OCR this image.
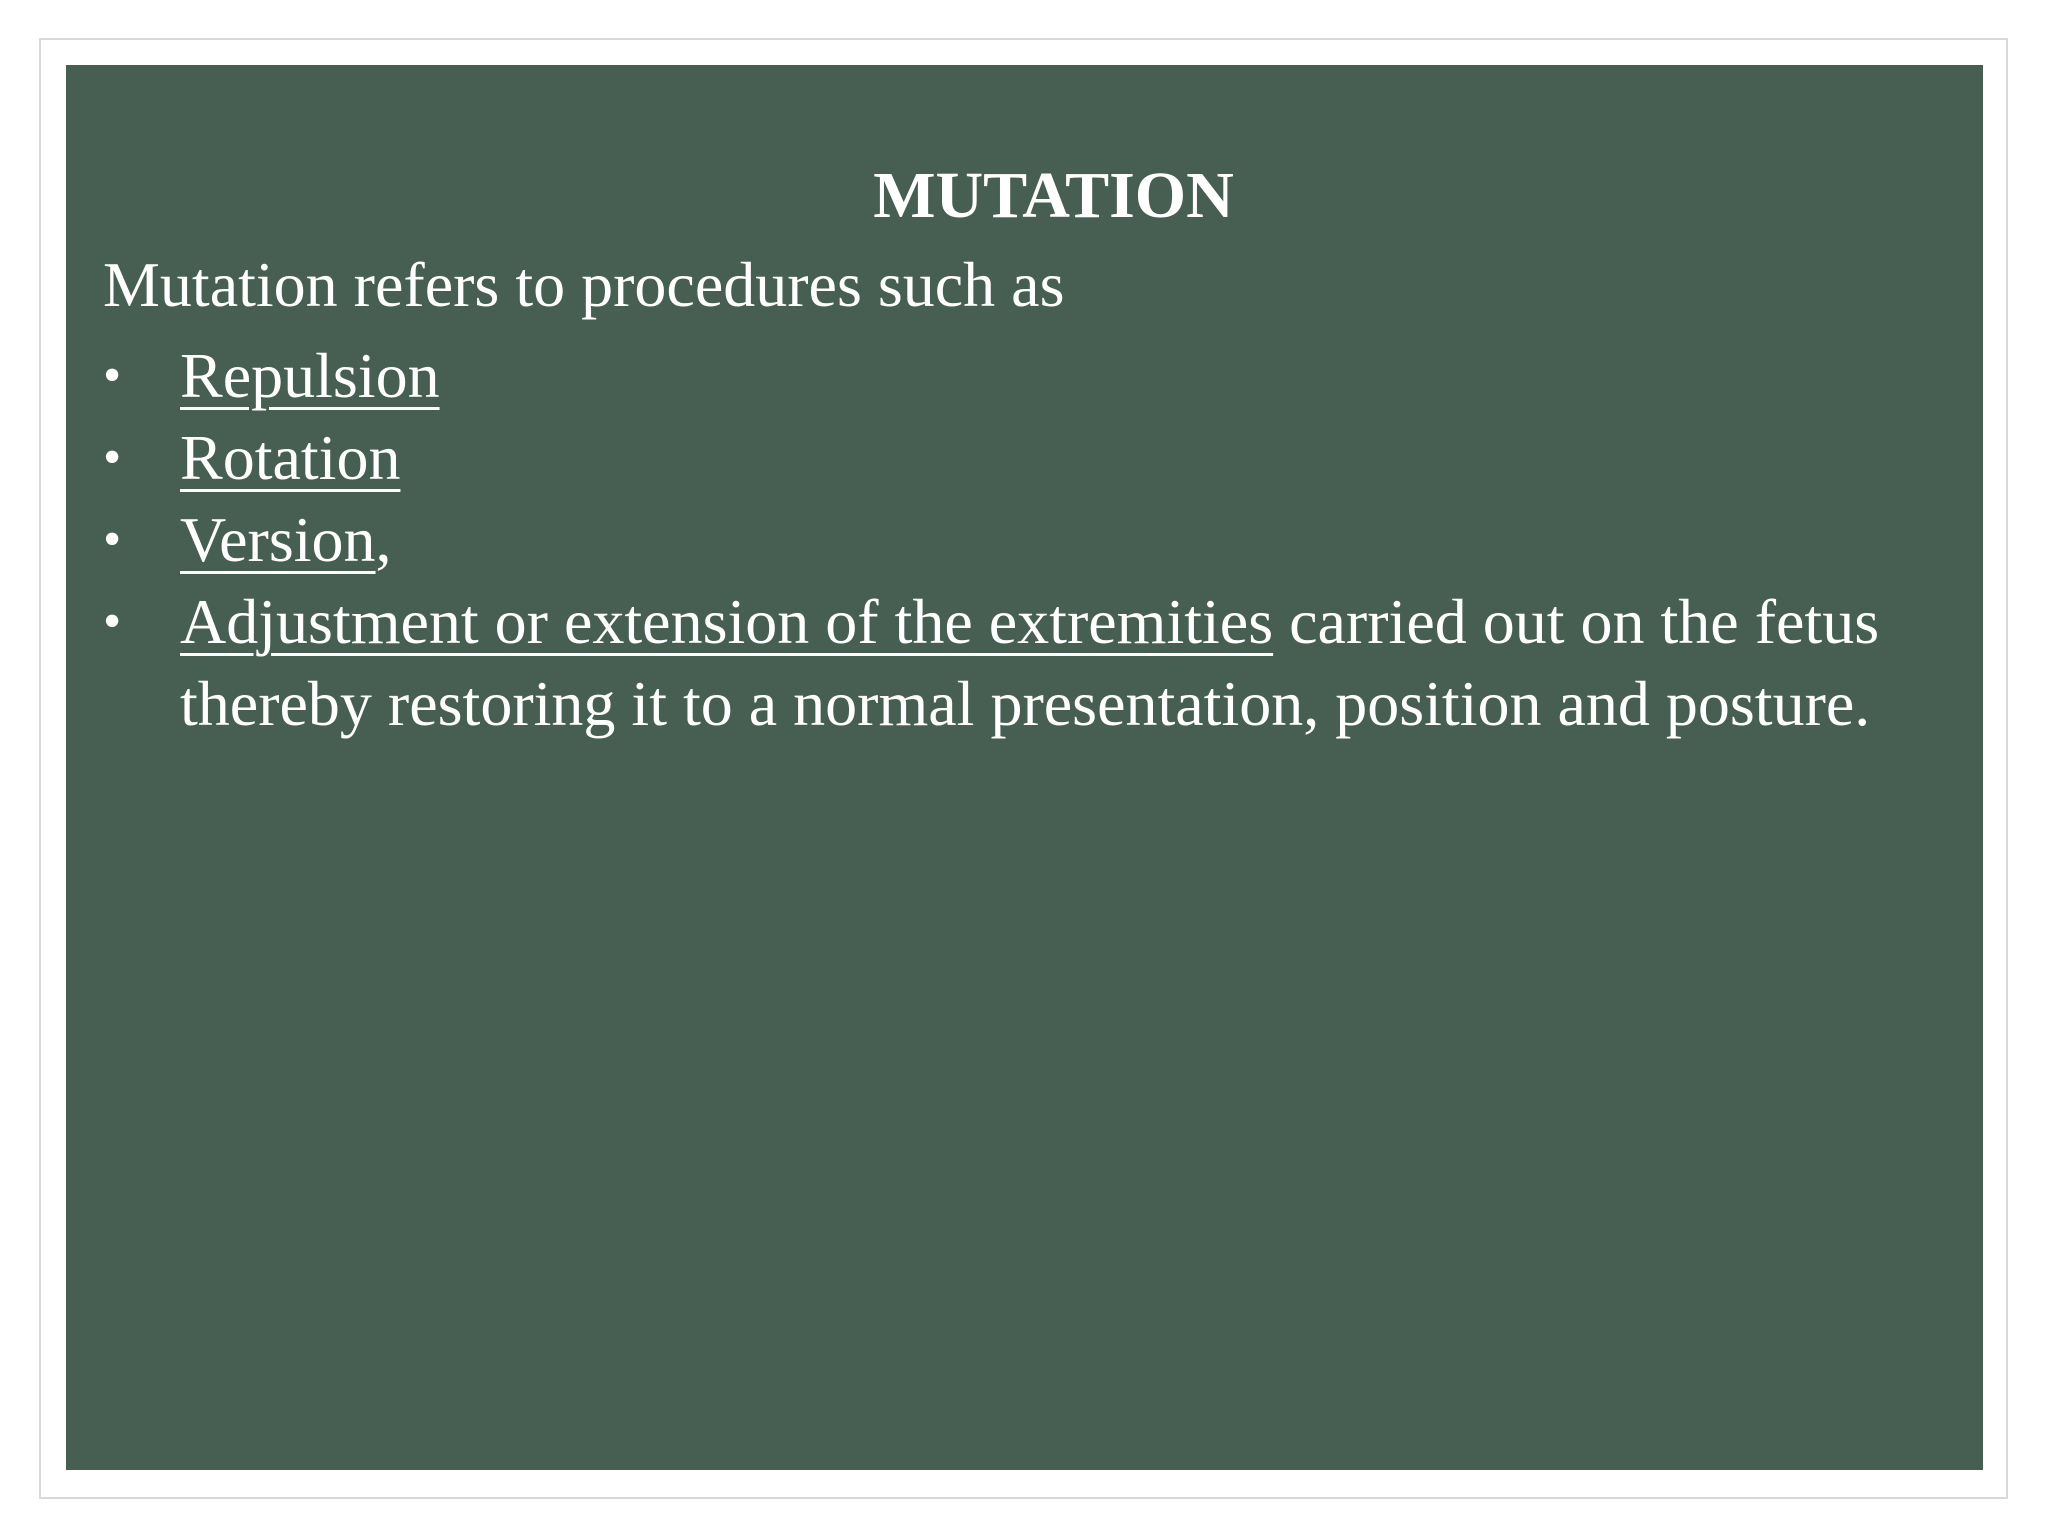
MUTATION
Mutation refers to procedures such as
• Repulsion
• Rotation
• Version,
• Adjustment or extension of the extremities carried out on the fetus thereby restoring it to a normal presentation, position and posture.
